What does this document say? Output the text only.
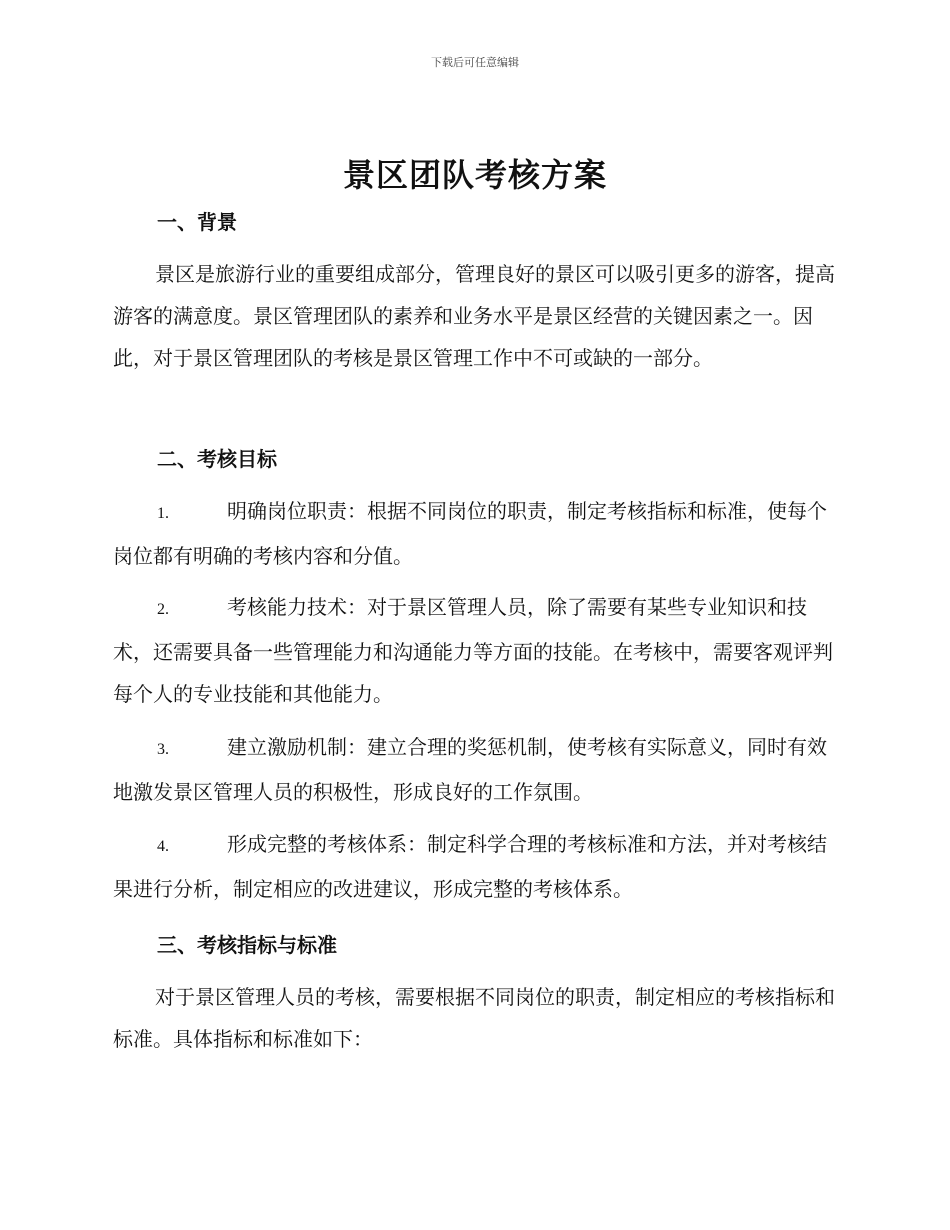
下载后可任意编辑
景区团队考核方案
一、背景

景区是旅游行业的重要组成部分，管理良好的景区可以吸引更多的游客，提高游客的满意度。景区管理团队的素养和业务水平是景区经营的关键因素之一。因此，对于景区管理团队的考核是景区管理工作中不可或缺的一部分。

二、考核目标

1.	明确岗位职责：根据不同岗位的职责，制定考核指标和标准，使每个岗位都有明确的考核内容和分值。

2.	考核能力技术：对于景区管理人员，除了需要有某些专业知识和技术，还需要具备一些管理能力和沟通能力等方面的技能。在考核中，需要客观评判每个人的专业技能和其他能力。

3.	建立激励机制：建立合理的奖惩机制，使考核有实际意义，同时有效地激发景区管理人员的积极性，形成良好的工作氛围。

4.	形成完整的考核体系：制定科学合理的考核标准和方法，并对考核结果进行分析，制定相应的改进建议，形成完整的考核体系。

三、考核指标与标准

对于景区管理人员的考核，需要根据不同岗位的职责，制定相应的考核指标和标准。具体指标和标准如下：
